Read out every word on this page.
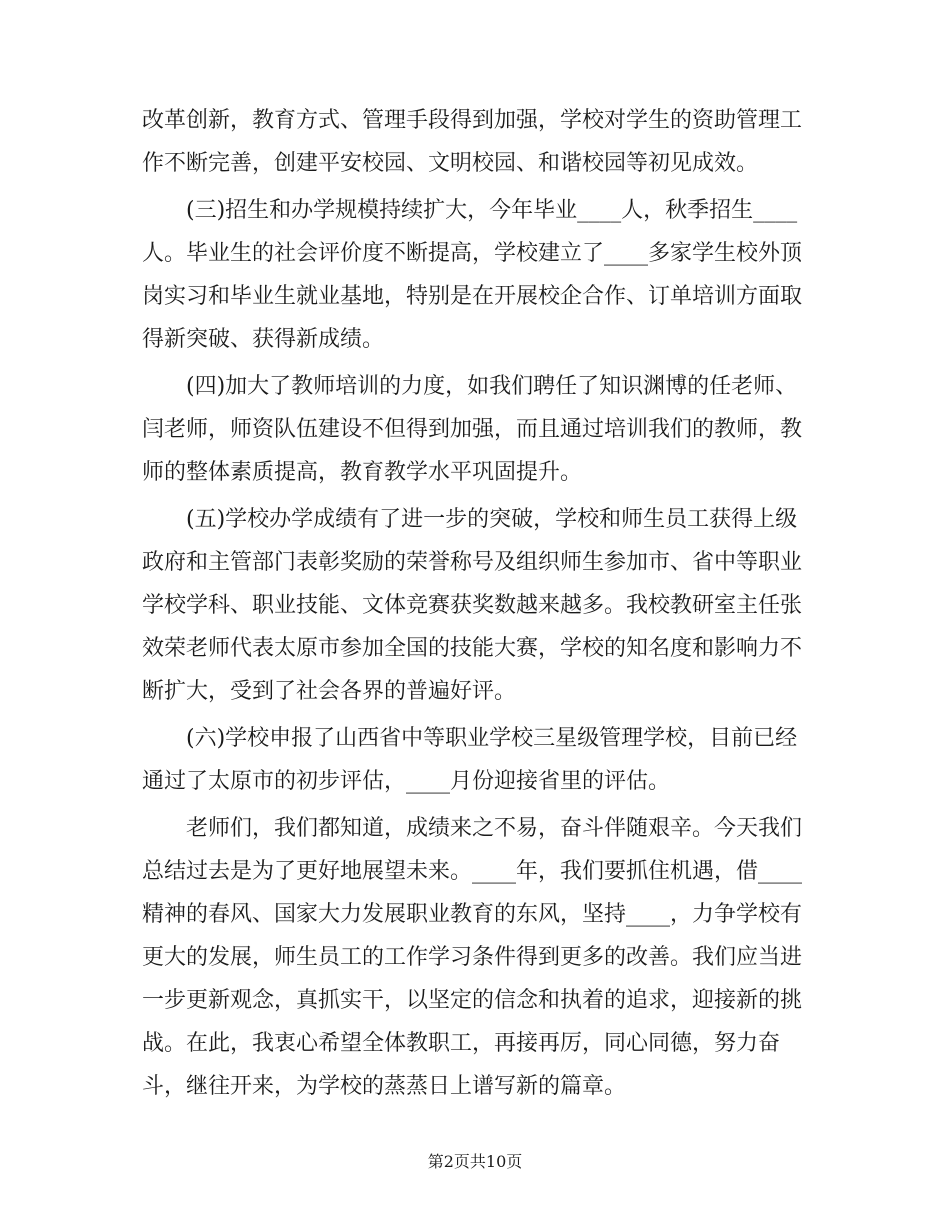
改革创新，教育方式、管理手段得到加强，学校对学生的资助管理工

作不断完善，创建平安校园、文明校园、和谐校园等初见成效。

(三)招生和办学规模持续扩大，今年毕业____人，秋季招生____

人。毕业生的社会评价度不断提高，学校建立了____多家学生校外顶

岗实习和毕业生就业基地，特别是在开展校企合作、订单培训方面取

得新突破、获得新成绩。

(四)加大了教师培训的力度，如我们聘任了知识渊博的任老师、

闫老师，师资队伍建设不但得到加强，而且通过培训我们的教师，教

师的整体素质提高，教育教学水平巩固提升。

(五)学校办学成绩有了进一步的突破，学校和师生员工获得上级

政府和主管部门表彰奖励的荣誉称号及组织师生参加市、省中等职业

学校学科、职业技能、文体竞赛获奖数越来越多。我校教研室主任张

效荣老师代表太原市参加全国的技能大赛，学校的知名度和影响力不

断扩大，受到了社会各界的普遍好评。

(六)学校申报了山西省中等职业学校三星级管理学校，目前已经

通过了太原市的初步评估，____月份迎接省里的评估。

老师们，我们都知道，成绩来之不易，奋斗伴随艰辛。今天我们

总结过去是为了更好地展望未来。____年，我们要抓住机遇，借____

精神的春风、国家大力发展职业教育的东风，坚持____，力争学校有

更大的发展，师生员工的工作学习条件得到更多的改善。我们应当进

一步更新观念，真抓实干，以坚定的信念和执着的追求，迎接新的挑

战。在此，我衷心希望全体教职工，再接再厉，同心同德，努力奋

斗，继往开来，为学校的蒸蒸日上谱写新的篇章。

第2页共10页
